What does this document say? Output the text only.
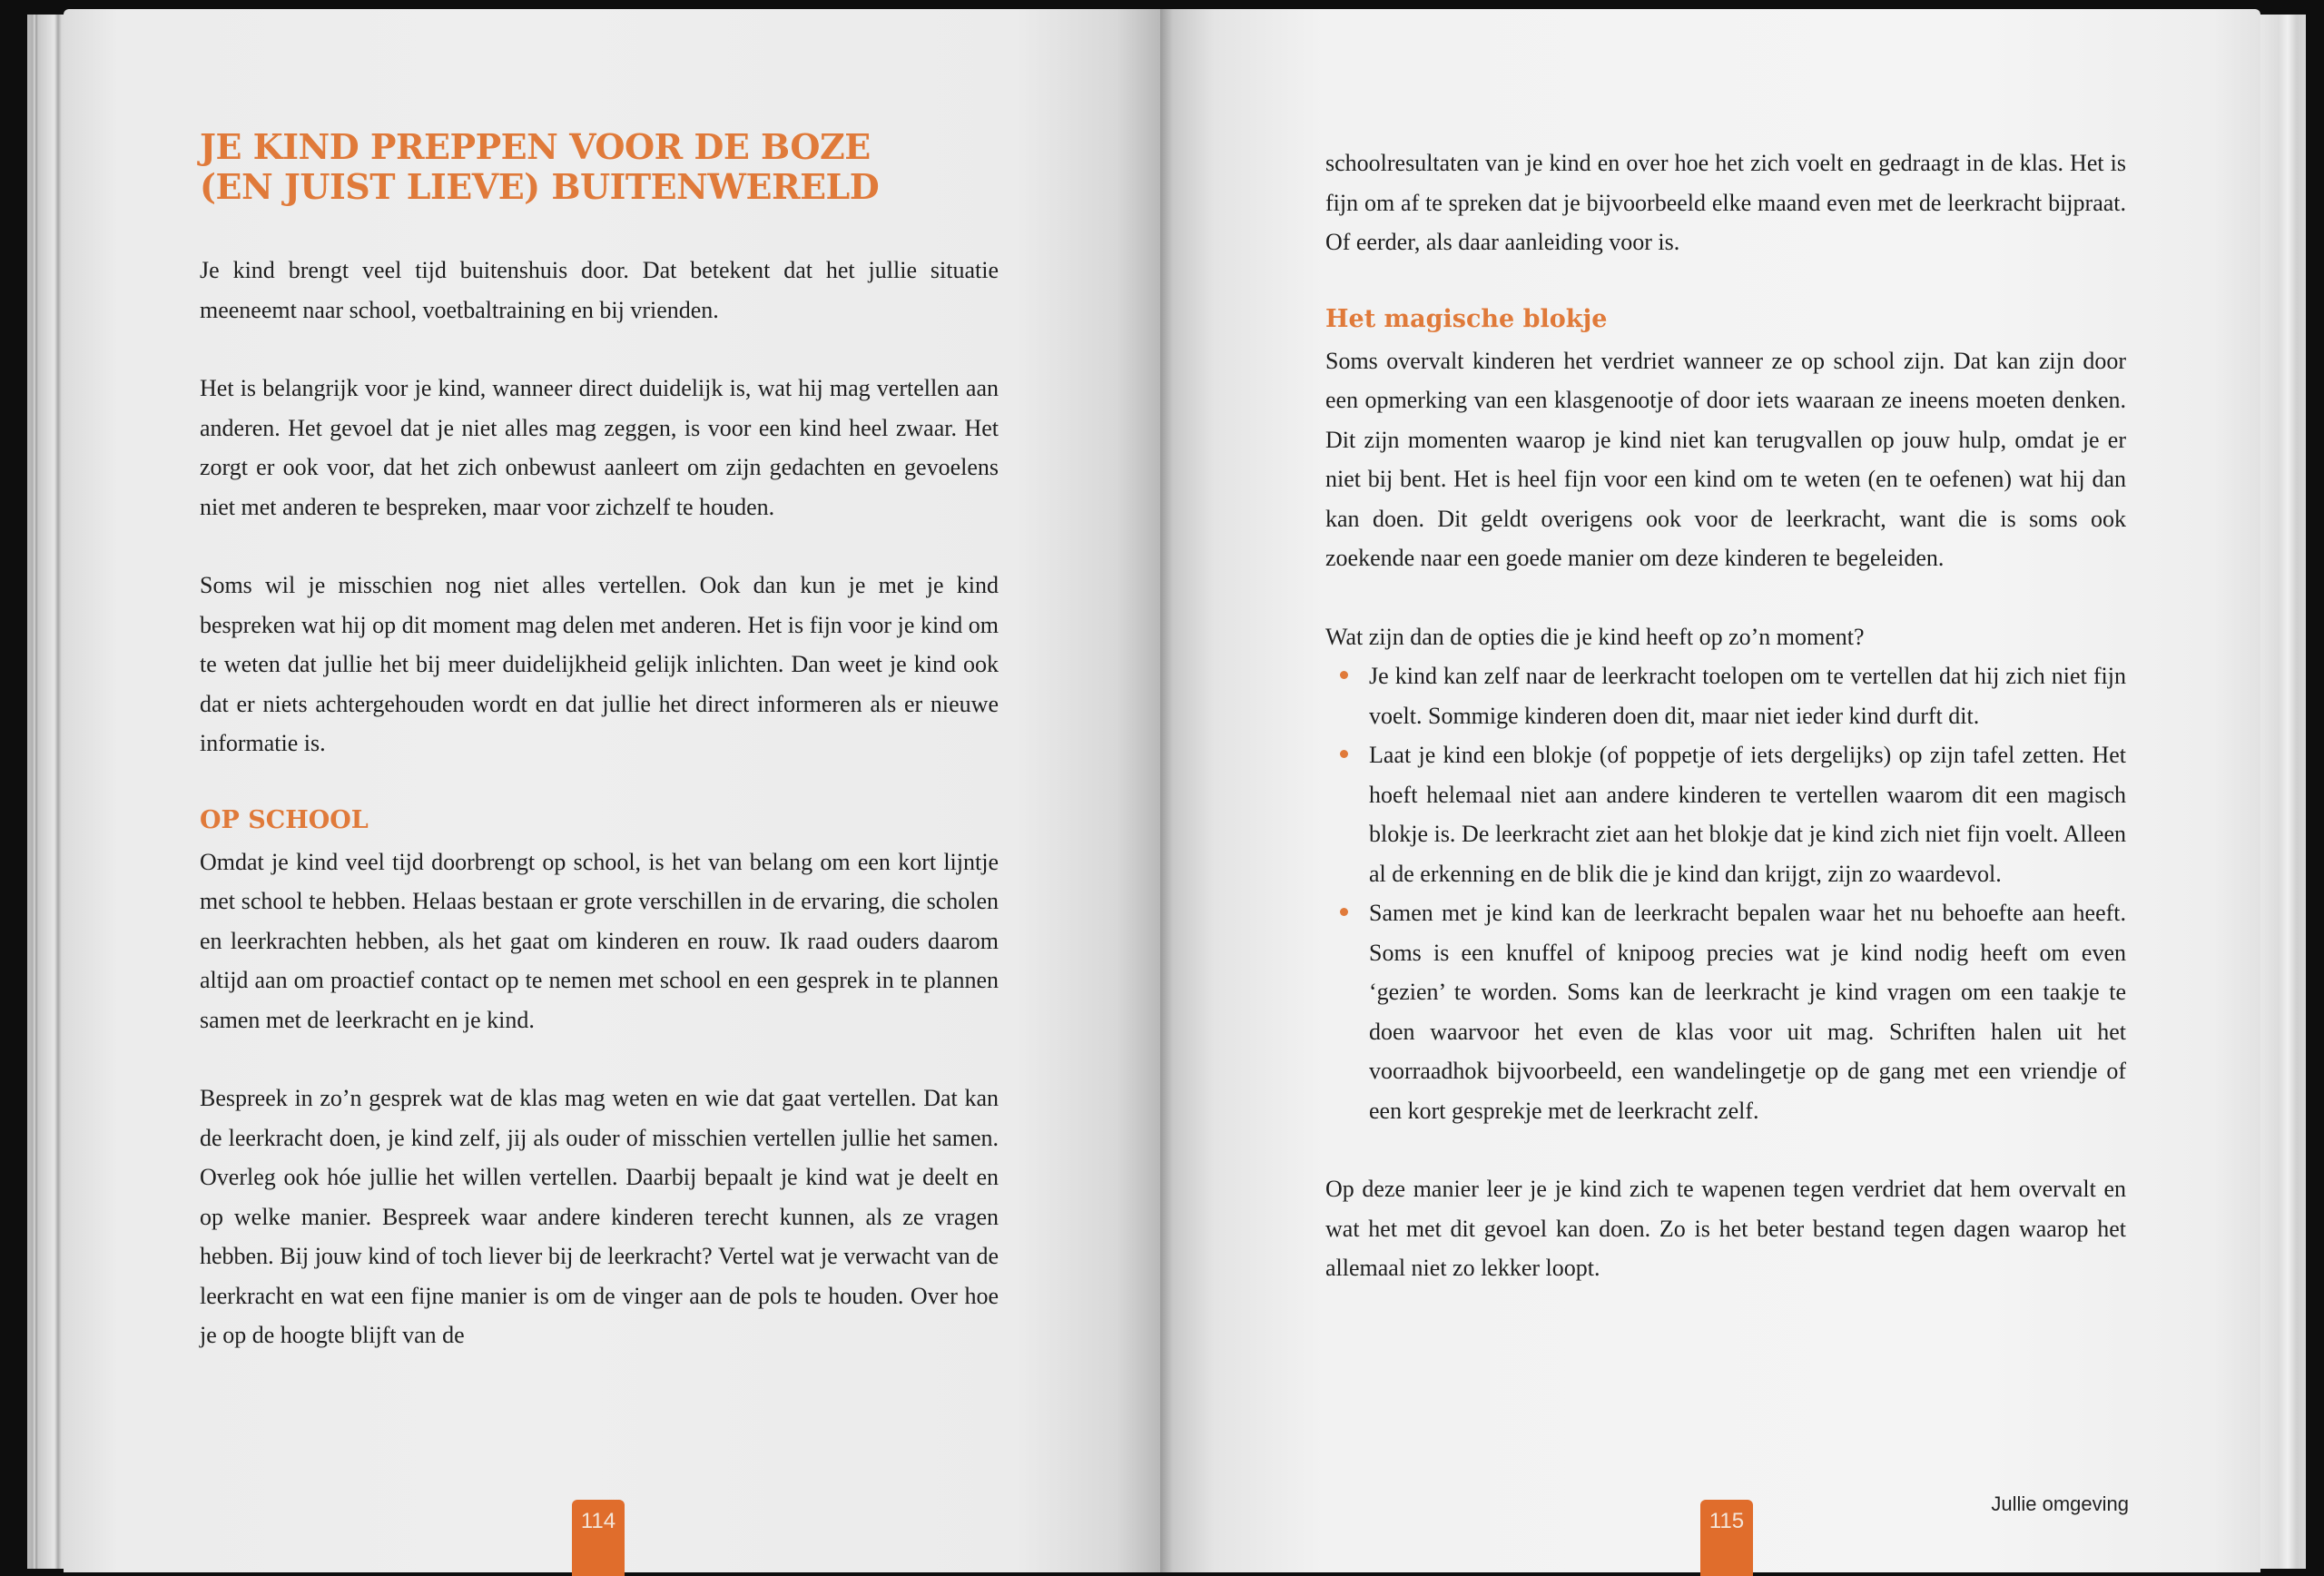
JE KIND PREPPEN VOOR DE BOZE
(EN JUIST LIEVE) BUITENWERELD

Je kind brengt veel tijd buitenshuis door. Dat betekent dat het jullie situatie meeneemt naar school, voetbaltraining en bij vrienden.

Het is belangrijk voor je kind, wanneer direct duidelijk is, wat hij mag vertellen aan anderen. Het gevoel dat je niet alles mag zeggen, is voor een kind heel zwaar. Het zorgt er ook voor, dat het zich onbewust aanleert om zijn gedachten en gevoelens niet met anderen te bespreken, maar voor zichzelf te houden.

Soms wil je misschien nog niet alles vertellen. Ook dan kun je met je kind bespreken wat hij op dit moment mag delen met anderen. Het is fijn voor je kind om te weten dat jullie het bij meer duidelijkheid gelijk inlichten. Dan weet je kind ook dat er niets achtergehouden wordt en dat jullie het direct informeren als er nieuwe informatie is.

OP SCHOOL

Omdat je kind veel tijd doorbrengt op school, is het van belang om een kort lijntje met school te hebben. Helaas bestaan er grote verschillen in de ervaring, die scholen en leerkrachten hebben, als het gaat om kinderen en rouw. Ik raad ouders daarom altijd aan om proactief contact op te nemen met school en een gesprek in te plannen samen met de leerkracht en je kind.

Bespreek in zo’n gesprek wat de klas mag weten en wie dat gaat vertellen. Dat kan de leerkracht doen, je kind zelf, jij als ouder of misschien vertellen jullie het samen. Overleg ook hóe jullie het willen vertellen. Daarbij bepaalt je kind wat je deelt en op welke manier. Bespreek waar andere kinderen terecht kunnen, als ze vragen hebben. Bij jouw kind of toch liever bij de leerkracht? Vertel wat je verwacht van de leerkracht en wat een fijne manier is om de vinger aan de pols te houden. Over hoe je op de hoogte blijft van de

114

schoolresultaten van je kind en over hoe het zich voelt en gedraagt in de klas. Het is fijn om af te spreken dat je bijvoorbeeld elke maand even met de leerkracht bijpraat. Of eerder, als daar aanleiding voor is.

Het magische blokje

Soms overvalt kinderen het verdriet wanneer ze op school zijn. Dat kan zijn door een opmerking van een klasgenootje of door iets waaraan ze ineens moeten denken. Dit zijn momenten waarop je kind niet kan terugvallen op jouw hulp, omdat je er niet bij bent. Het is heel fijn voor een kind om te weten (en te oefenen) wat hij dan kan doen. Dit geldt overigens ook voor de leerkracht, want die is soms ook zoekende naar een goede manier om deze kinderen te begeleiden.

Wat zijn dan de opties die je kind heeft op zo’n moment?

Je kind kan zelf naar de leerkracht toelopen om te vertellen dat hij zich niet fijn voelt. Sommige kinderen doen dit, maar niet ieder kind durft dit.
Laat je kind een blokje (of poppetje of iets dergelijks) op zijn tafel zetten. Het hoeft helemaal niet aan andere kinderen te vertellen waarom dit een magisch blokje is. De leerkracht ziet aan het blokje dat je kind zich niet fijn voelt. Alleen al de erkenning en de blik die je kind dan krijgt, zijn zo waardevol.
Samen met je kind kan de leerkracht bepalen waar het nu behoefte aan heeft. Soms is een knuffel of knipoog precies wat je kind nodig heeft om even ‘gezien’ te worden. Soms kan de leerkracht je kind vragen om een taakje te doen waarvoor het even de klas voor uit mag. Schriften halen uit het voorraadhok bijvoorbeeld, een wandelingetje op de gang met een vriendje of een kort gesprekje met de leerkracht zelf.

Op deze manier leer je je kind zich te wapenen tegen verdriet dat hem overvalt en wat het met dit gevoel kan doen. Zo is het beter bestand tegen dagen waarop het allemaal niet zo lekker loopt.

115
Jullie omgeving
